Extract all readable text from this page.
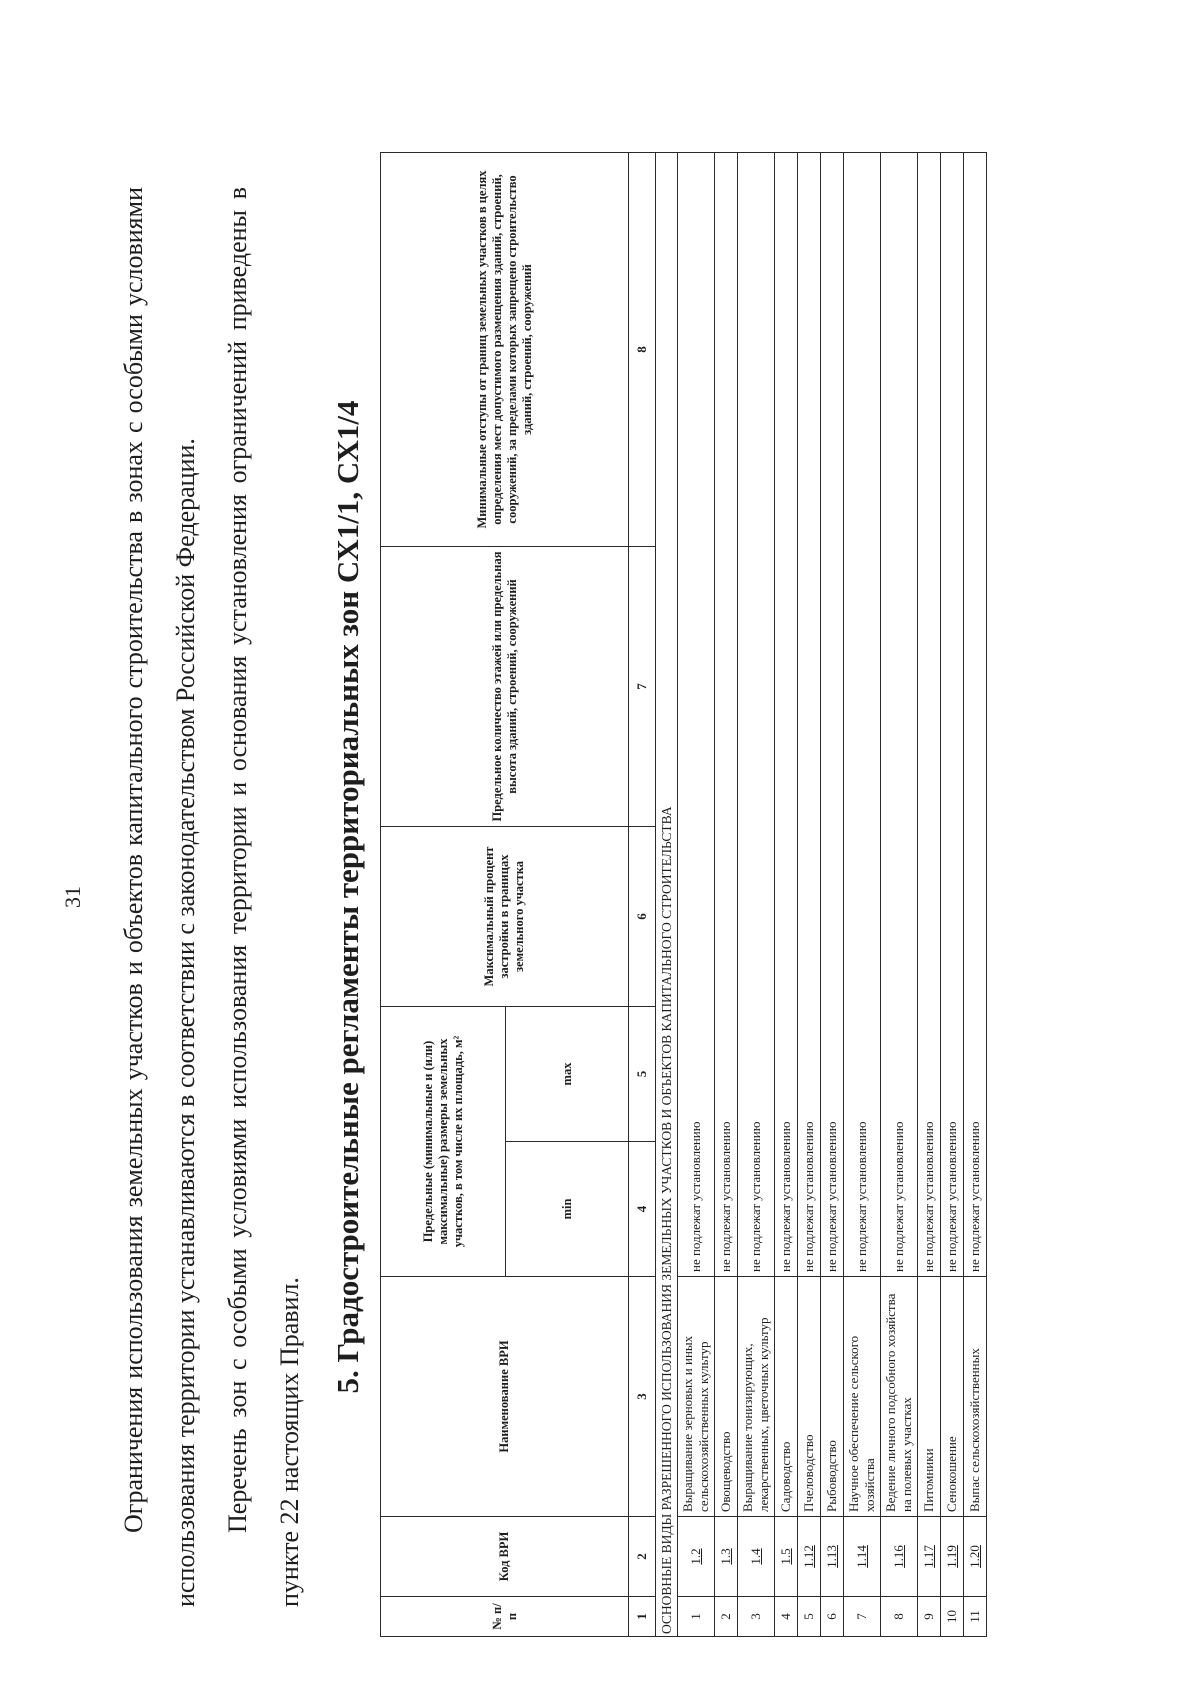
31	Ограничения использования земельных участков и объектов капитального строительства в зонах с особыми условиями использования территории устанавливаются в соответствии с законодательством Российской Федерации. Перечень зон с особыми условиями использования территории и основания установления ограничений приведены в пункте 22 настоящих Правил.

5. Градостроительные регламенты территориальных зон СХ1/1, СХ1/4
№ п/п	Код ВРИ	Наименование ВРИ	Предельные (минимальные и (или) максимальные) размеры земельных участков, в том числе их площадь, м²		Максимальный процент застройки в границах земельного участка	Предельное количество этажей или предельная высота зданий, строений, сооружений	Минимальные отступы от границ земельных участков в целях определения мест допустимого размещения зданий, строений, сооружений, за пределами которых запрещено строительство зданий, строений, сооружений
			min	max			
1	2	3	4	5	6	7	8
ОСНОВНЫЕ ВИДЫ РАЗРЕШЕННОГО ИСПОЛЬЗОВАНИЯ ЗЕМЕЛЬНЫХ УЧАСТКОВ И ОБЪЕКТОВ КАПИТАЛЬНОГО СТРОИТЕЛЬСТВА							
1	1.2	Выращивание зерновых и иных сельскохозяйственных культур	не подлежат установлению				
2	1.3	Овощеводство	не подлежат установлению				
3	1.4	Выращивание тонизирующих, лекарственных, цветочных культур	не подлежат установлению				
4	1.5	Садоводство	не подлежат установлению				
5	1.12	Пчеловодство	не подлежат установлению				
6	1.13	Рыбоводство	не подлежат установлению				
7	1.14	Научное обеспечение сельского хозяйства	не подлежат установлению				
8	1.16	Ведение личного подсобного хозяйства на полевых участках	не подлежат установлению				
9	1.17	Питомники	не подлежат установлению				
10	1.19	Сенокошение	не подлежат установлению				
11	1.20	Выпас сельскохозяйственных	не подлежат установлению				
